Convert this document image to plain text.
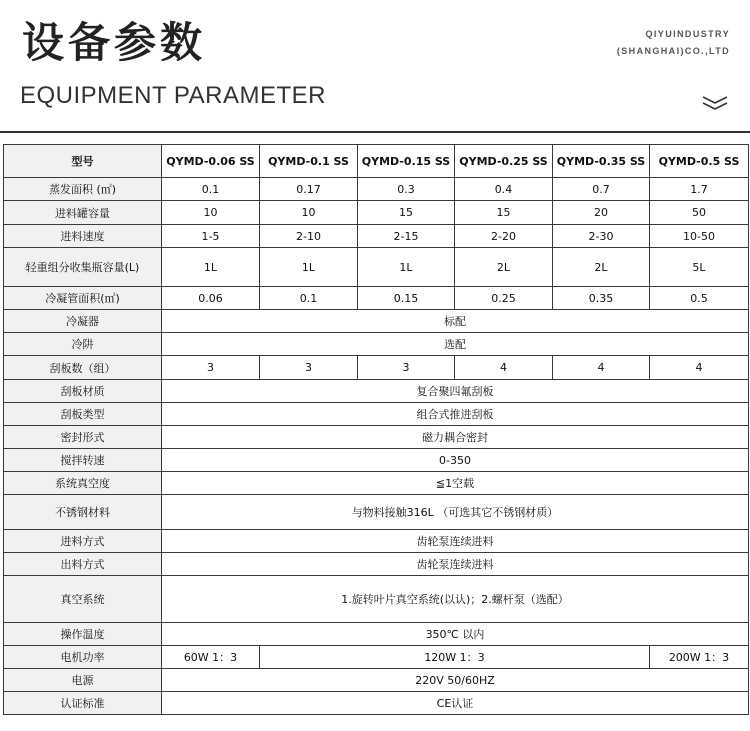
设备参数
EQUIPMENT PARAMETER
QIYUINDUSTRY
(SHANGHAI)CO.,LTD
型号	QYMD-0.06 SS	QYMD-0.1 SS	QYMD-0.15 SS	QYMD-0.25 SS	QYMD-0.35 SS	QYMD-0.5 SS
蒸发面积 (㎡)	0.1	0.17	0.3	0.4	0.7	1.7
进料罐容量	10	10	15	15	20	50
进料速度	1-5	2-10	2-15	2-20	2-30	10-50
轻重组分收集瓶容量(L)	1L	1L	1L	2L	2L	5L
冷凝管面积(㎡)	0.06	0.1	0.15	0.25	0.35	0.5
冷凝器	标配					
冷阱	选配					
刮板数（组）	3	3	3	4	4	4
刮板材质	复合聚四氟刮板					
刮板类型	组合式推进刮板					
密封形式	磁力耦合密封					
搅拌转速	0-350					
系统真空度	≦1空载					
不锈钢材料	与物料接触316L （可选其它不锈钢材质）					
进料方式	齿轮泵连续进料					
出料方式	齿轮泵连续进料					
真空系统	1.旋转叶片真空系统(以认)；2.螺杆泵（选配）					
操作温度	350℃ 以内					
电机功率	60W 1：3	120W 1：3				200W 1：3
电源	220V 50/60HZ					
认证标准	CE认证					
